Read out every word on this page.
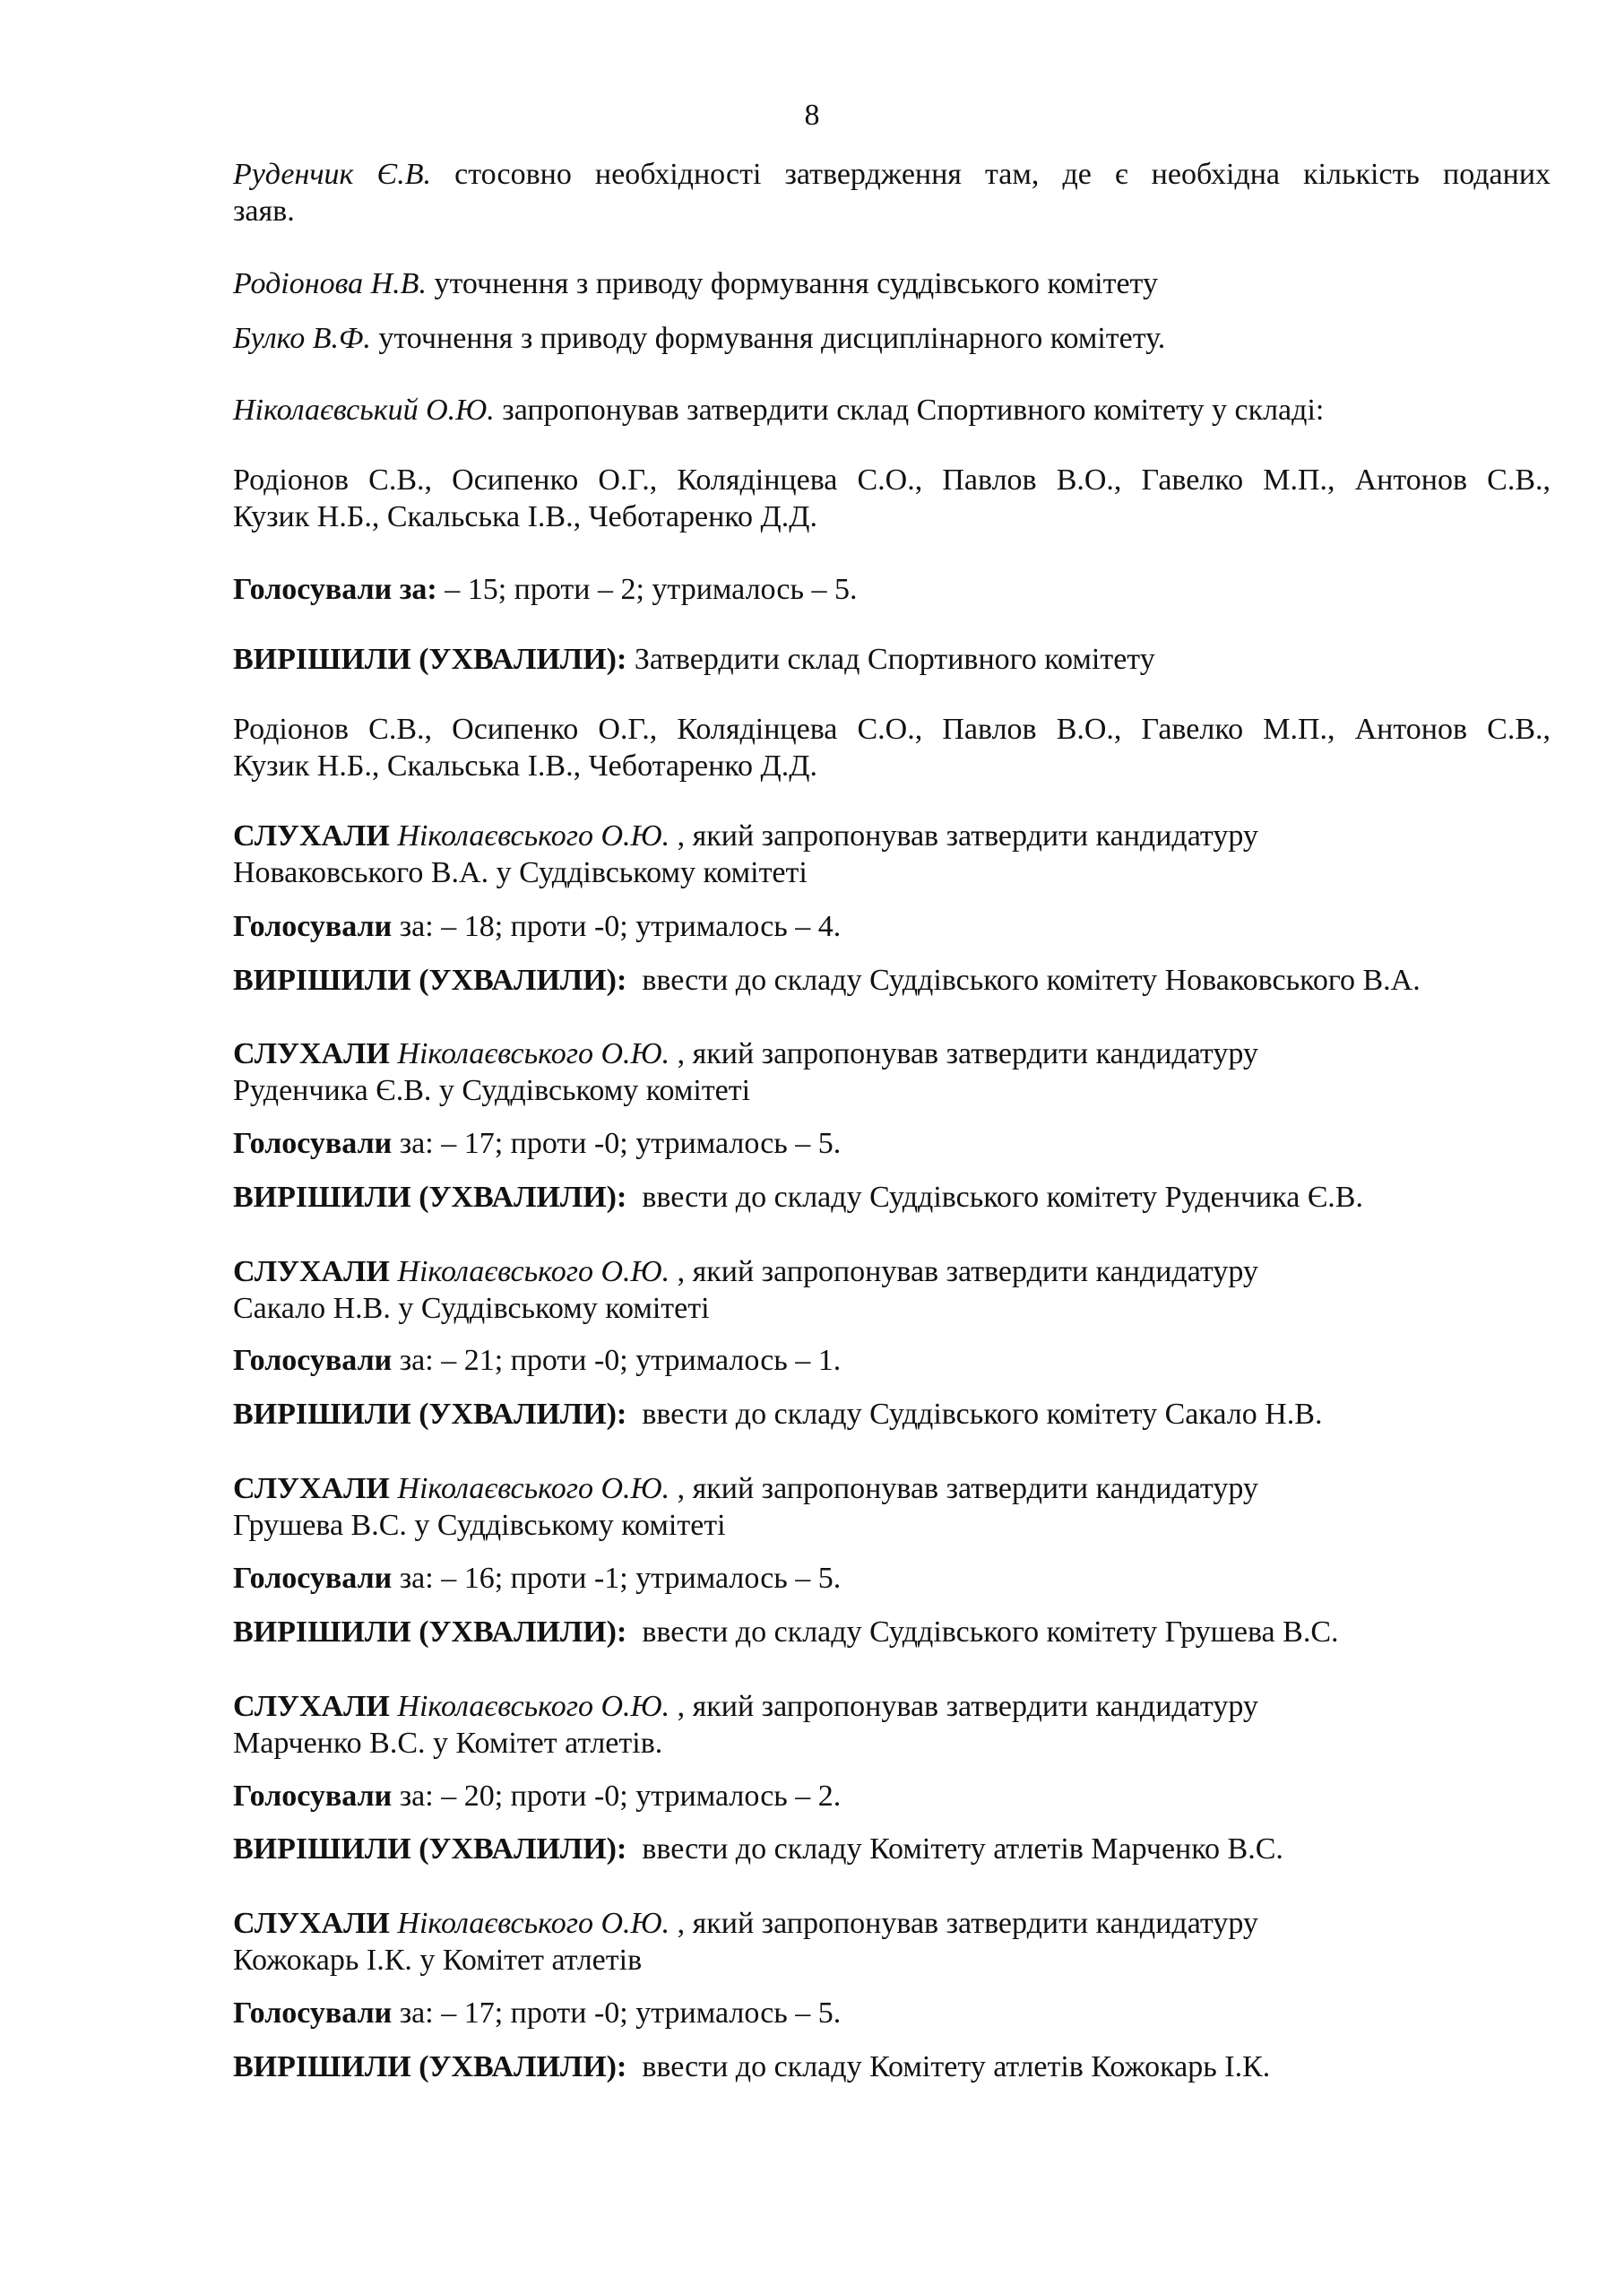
8
Руденчик Є.В. стосовно необхідності затвердження там, де є необхідна кількість поданих
заяв.
Родіонова Н.В. уточнення з приводу формування суддівського комітету
Булко В.Ф. уточнення з приводу формування дисциплінарного комітету.
Ніколаєвський О.Ю. запропонував затвердити склад Спортивного комітету у складі:
Родіонов С.В., Осипенко О.Г., Колядінцева С.О., Павлов В.О., Гавелко М.П., Антонов С.В.,
Кузик Н.Б., Скальська І.В., Чеботаренко Д.Д.
Голосували за: – 15; проти – 2; утрималось – 5.
ВИРІШИЛИ (УХВАЛИЛИ): Затвердити склад Спортивного комітету
Родіонов С.В., Осипенко О.Г., Колядінцева С.О., Павлов В.О., Гавелко М.П., Антонов С.В.,
Кузик Н.Б., Скальська І.В., Чеботаренко Д.Д.
СЛУХАЛИ Ніколаєвського О.Ю. , який запропонував затвердити кандидатуру
Новаковського В.А. у Суддівському комітеті
Голосували за: – 18; проти -0; утрималось – 4.
ВИРІШИЛИ (УХВАЛИЛИ): ввести до складу Суддівського комітету Новаковського В.А.
СЛУХАЛИ Ніколаєвського О.Ю. , який запропонував затвердити кандидатуру
Руденчика Є.В. у Суддівському комітеті
Голосували за: – 17; проти -0; утрималось – 5.
ВИРІШИЛИ (УХВАЛИЛИ): ввести до складу Суддівського комітету Руденчика Є.В.
СЛУХАЛИ Ніколаєвського О.Ю. , який запропонував затвердити кандидатуру
Сакало Н.В. у Суддівському комітеті
Голосували за: – 21; проти -0; утрималось – 1.
ВИРІШИЛИ (УХВАЛИЛИ): ввести до складу Суддівського комітету Сакало Н.В.
СЛУХАЛИ Ніколаєвського О.Ю. , який запропонував затвердити кандидатуру
Грушева В.С. у Суддівському комітеті
Голосували за: – 16; проти -1; утрималось – 5.
ВИРІШИЛИ (УХВАЛИЛИ): ввести до складу Суддівського комітету Грушева В.С.
СЛУХАЛИ Ніколаєвського О.Ю. , який запропонував затвердити кандидатуру
Марченко В.С. у Комітет атлетів.
Голосували за: – 20; проти -0; утрималось – 2.
ВИРІШИЛИ (УХВАЛИЛИ): ввести до складу Комітету атлетів Марченко В.С.
СЛУХАЛИ Ніколаєвського О.Ю. , який запропонував затвердити кандидатуру
Кожокарь І.К. у Комітет атлетів
Голосували за: – 17; проти -0; утрималось – 5.
ВИРІШИЛИ (УХВАЛИЛИ): ввести до складу Комітету атлетів Кожокарь І.К.
